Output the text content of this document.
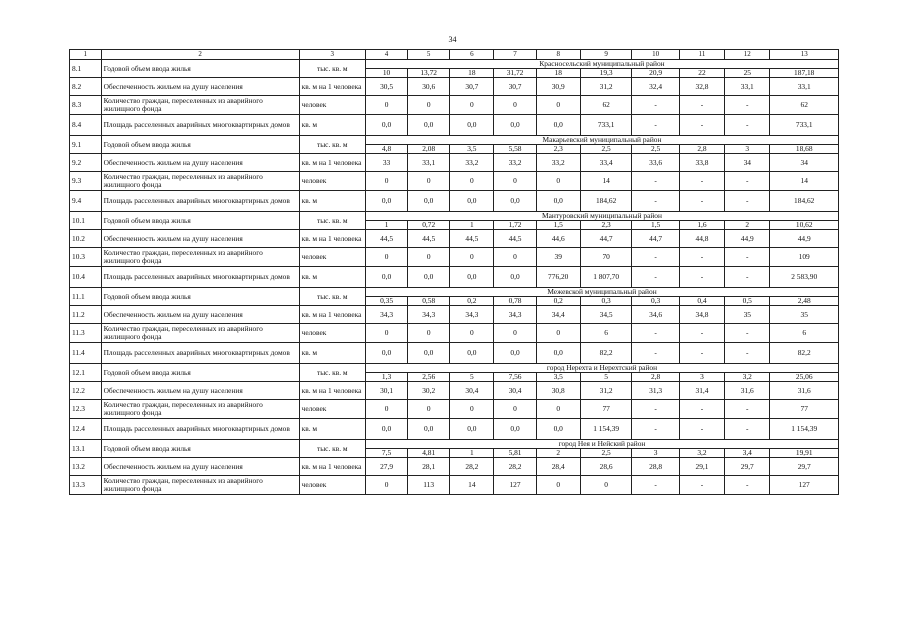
34
1	2	3	4	5	6	7	8	9	10	11	12	13
8.1	Годовой объем ввода жилья	тыс. кв. м	Красносельский муниципальный район									
			10	13,72	18	31,72	18	19,3	20,9	22	25	187,18
8.2	Обеспеченность жильем на душу населения	кв. м на 1 человека	30,5	30,6	30,7	30,7	30,9	31,2	32,4	32,8	33,1	33,1
8.3	Количество граждан, переселенных из аварийного жилищного фонда	человек	0	0	0	0	0	62	-	-	-	62
8.4	Площадь расселенных аварийных многоквартирных домов	кв. м	0,0	0,0	0,0	0,0	0,0	733,1	-	-	-	733,1
9.1	Годовой объем ввода жилья	тыс. кв. м	Макарьевский муниципальный район									
			4,8	2,08	3,5	5,58	2,3	2,5	2,5	2,8	3	18,68
9.2	Обеспеченность жильем на душу населения	кв. м на 1 человека	33	33,1	33,2	33,2	33,2	33,4	33,6	33,8	34	34
9.3	Количество граждан, переселенных из аварийного жилищного фонда	человек	0	0	0	0	0	14	-	-	-	14
9.4	Площадь расселенных аварийных многоквартирных домов	кв. м	0,0	0,0	0,0	0,0	0,0	184,62	-	-	-	184,62
10.1	Годовой объем ввода жилья	тыс. кв. м	Мантуровский муниципальный район									
			1	0,72	1	1,72	1,5	2,3	1,5	1,6	2	10,62
10.2	Обеспеченность жильем на душу населения	кв. м на 1 человека	44,5	44,5	44,5	44,5	44,6	44,7	44,7	44,8	44,9	44,9
10.3	Количество граждан, переселенных из аварийного жилищного фонда	человек	0	0	0	0	39	70	-	-	-	109
10.4	Площадь расселенных аварийных многоквартирных домов	кв. м	0,0	0,0	0,0	0,0	776,20	1 807,70	-	-	-	2 583,90
11.1	Годовой объем ввода жилья	тыс. кв. м	Межевской муниципальный район									
			0,35	0,58	0,2	0,78	0,2	0,3	0,3	0,4	0,5	2,48
11.2	Обеспеченность жильем на душу населения	кв. м на 1 человека	34,3	34,3	34,3	34,3	34,4	34,5	34,6	34,8	35	35
11.3	Количество граждан, переселенных из аварийного жилищного фонда	человек	0	0	0	0	0	6	-	-	-	6
11.4	Площадь расселенных аварийных многоквартирных домов	кв. м	0,0	0,0	0,0	0,0	0,0	82,2	-	-	-	82,2
12.1	Годовой объем ввода жилья	тыс. кв. м	город Нерехта и Нерехтский район									
			1,3	2,56	5	7,56	3,5	5	2,8	3	3,2	25,06
12.2	Обеспеченность жильем на душу населения	кв. м на 1 человека	30,1	30,2	30,4	30,4	30,8	31,2	31,3	31,4	31,6	31,6
12.3	Количество граждан, переселенных из аварийного жилищного фонда	человек	0	0	0	0	0	77	-	-	-	77
12.4	Площадь расселенных аварийных многоквартирных домов	кв. м	0,0	0,0	0,0	0,0	0,0	1 154,39	-	-	-	1 154,39
13.1	Годовой объем ввода жилья	тыс. кв. м	город Нея и Нейский район									
			7,5	4,81	1	5,81	2	2,5	3	3,2	3,4	19,91
13.2	Обеспеченность жильем на душу населения	кв. м на 1 человека	27,9	28,1	28,2	28,2	28,4	28,6	28,8	29,1	29,7	29,7
13.3	Количество граждан, переселенных из аварийного жилищного фонда	человек	0	113	14	127	0	0	-	-	-	127
